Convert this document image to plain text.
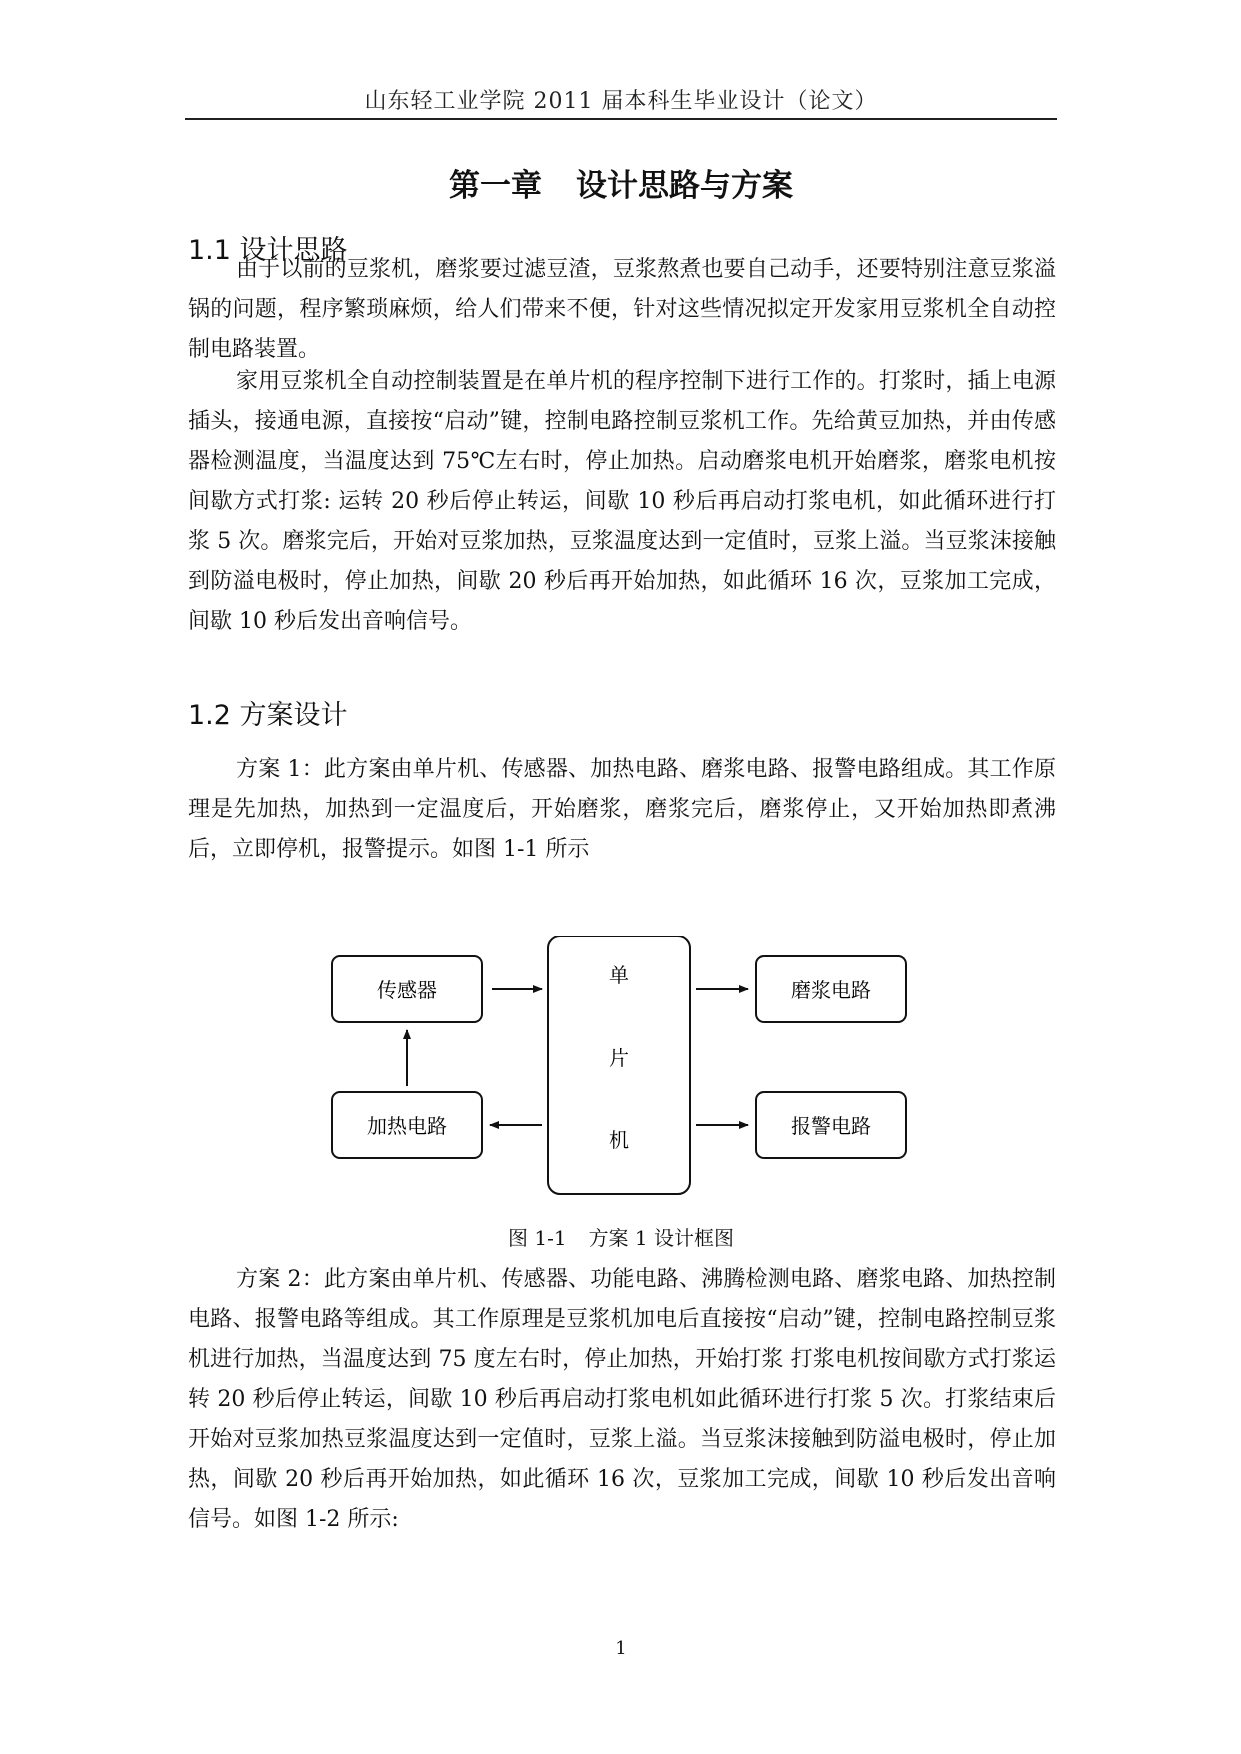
山东轻工业学院 2011 届本科生毕业设计（论文）
第一章 设计思路与方案
1.1 设计思路

由于以前的豆浆机，磨浆要过滤豆渣，豆浆熬煮也要自己动手，还要特别注意豆浆溢锅的问题，程序繁琐麻烦，给人们带来不便，针对这些情况拟定开发家用豆浆机全自动控制电路装置。

家用豆浆机全自动控制装置是在单片机的程序控制下进行工作的。打浆时，插上电源插头，接通电源，直接按“启动”键，控制电路控制豆浆机工作。先给黄豆加热，并由传感器检测温度，当温度达到 75℃左右时，停止加热。启动磨浆电机开始磨浆，磨浆电机按间歇方式打浆: 运转 20 秒后停止转运，间歇 10 秒后再启动打浆电机，如此循环进行打浆 5 次。磨浆完后，开始对豆浆加热，豆浆温度达到一定值时，豆浆上溢。当豆浆沫接触到防溢电极时，停止加热，间歇 20 秒后再开始加热，如此循环 16 次，豆浆加工完成，间歇 10 秒后发出音响信号。

1.2 方案设计

方案 1：此方案由单片机、传感器、加热电路、磨浆电路、报警电路组成。其工作原理是先加热，加热到一定温度后，开始磨浆，磨浆完后，磨浆停止，又开始加热即煮沸后，立即停机，报警提示。如图 1-1 所示

传感器
加热电路
单
片
机
磨浆电路
报警电路
图 1-1 方案 1 设计框图

方案 2：此方案由单片机、传感器、功能电路、沸腾检测电路、磨浆电路、加热控制电路、报警电路等组成。其工作原理是豆浆机加电后直接按“启动”键，控制电路控制豆浆机进行加热，当温度达到 75 度左右时，停止加热，开始打浆 打浆电机按间歇方式打浆运转 20 秒后停止转运，间歇 10 秒后再启动打浆电机如此循环进行打浆 5 次。打浆结束后开始对豆浆加热豆浆温度达到一定值时，豆浆上溢。当豆浆沫接触到防溢电极时，停止加热，间歇 20 秒后再开始加热，如此循环 16 次，豆浆加工完成，间歇 10 秒后发出音响信号。如图 1-2 所示:

1
